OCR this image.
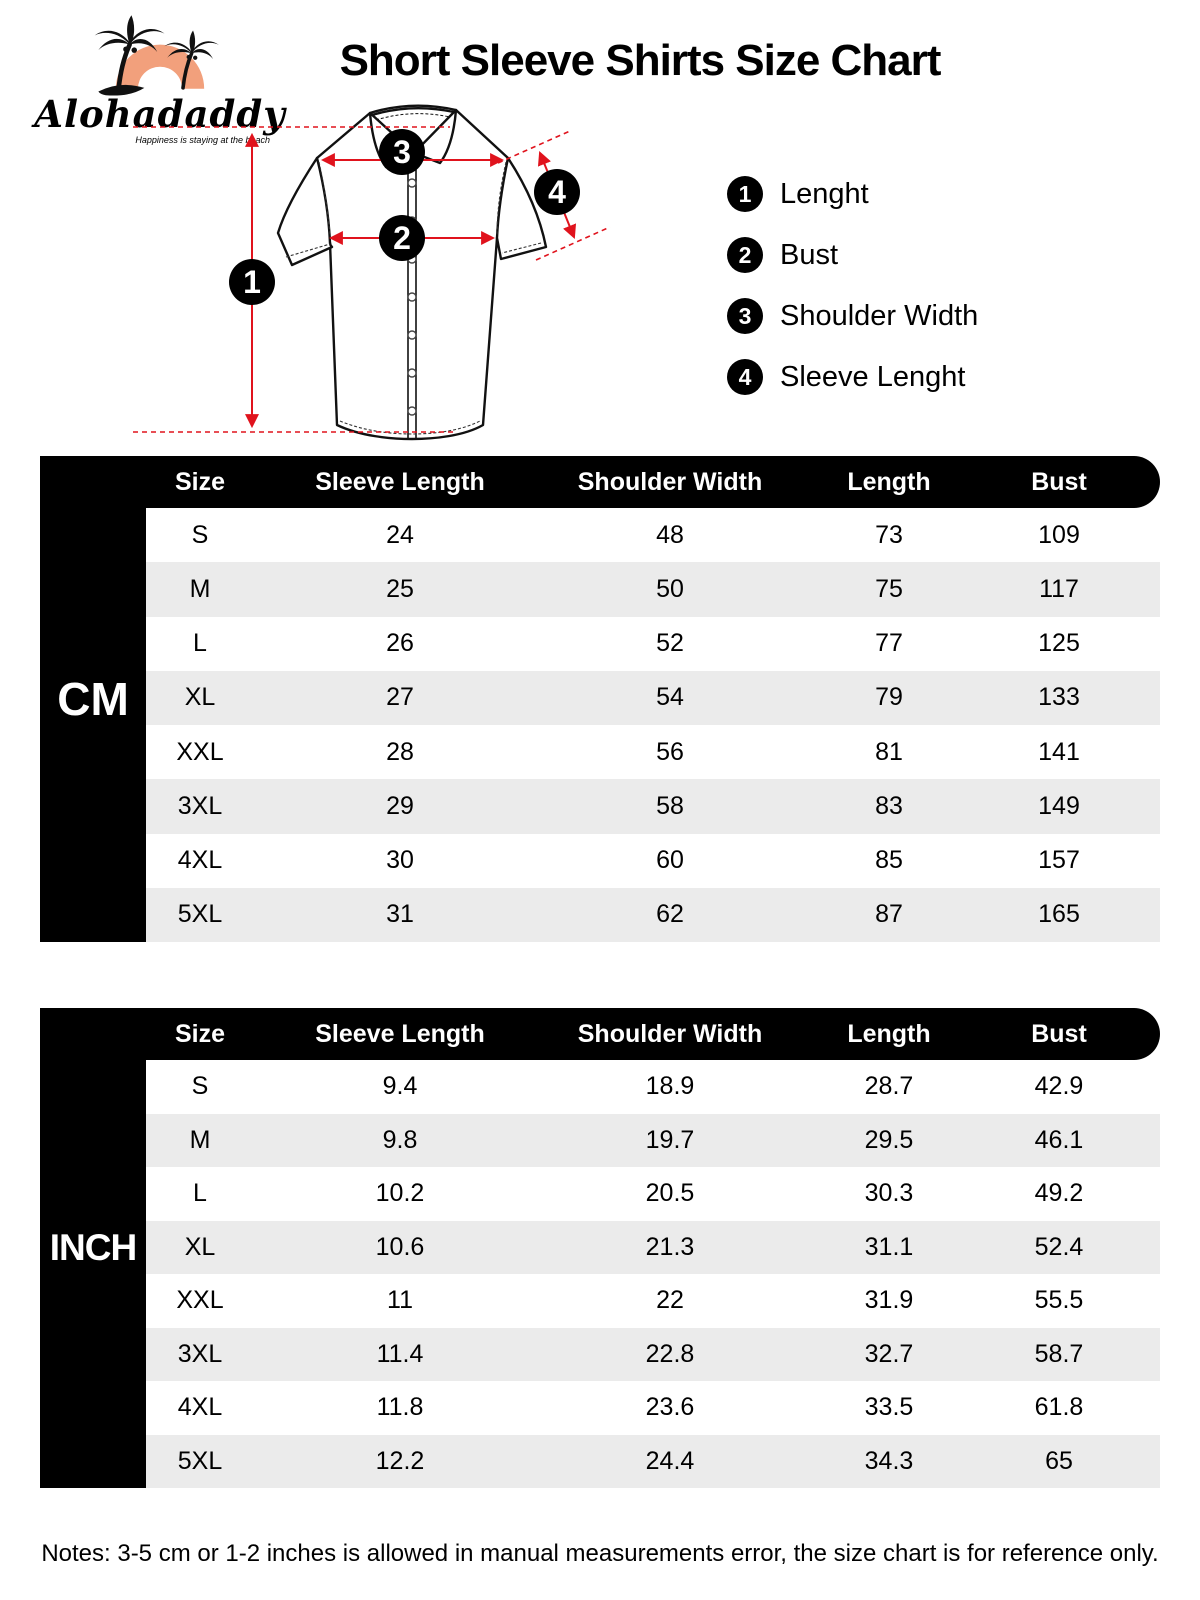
Alohadaddy
Happiness is staying at the beach
Short Sleeve Shirts Size Chart
1
2
3
4	1 Lenght
2 Bust
3 Shoulder Width
4 Sleeve Lenght
Size	Sleeve Length	Shoulder Width	Length	Bust
CM
S	24	48	73	109
M	25	50	75	117
L	26	52	77	125
XL	27	54	79	133
XXL	28	56	81	141
3XL	29	58	83	149
4XL	30	60	85	157
5XL	31	62	87	165
Size	Sleeve Length	Shoulder Width	Length	Bust
INCH
S	9.4	18.9	28.7	42.9
M	9.8	19.7	29.5	46.1
L	10.2	20.5	30.3	49.2
XL	10.6	21.3	31.1	52.4
XXL	11	22	31.9	55.5
3XL	11.4	22.8	32.7	58.7
4XL	11.8	23.6	33.5	61.8
5XL	12.2	24.4	34.3	65
Notes: 3-5 cm or 1-2 inches is allowed in manual measurements error, the size chart is for reference only.
